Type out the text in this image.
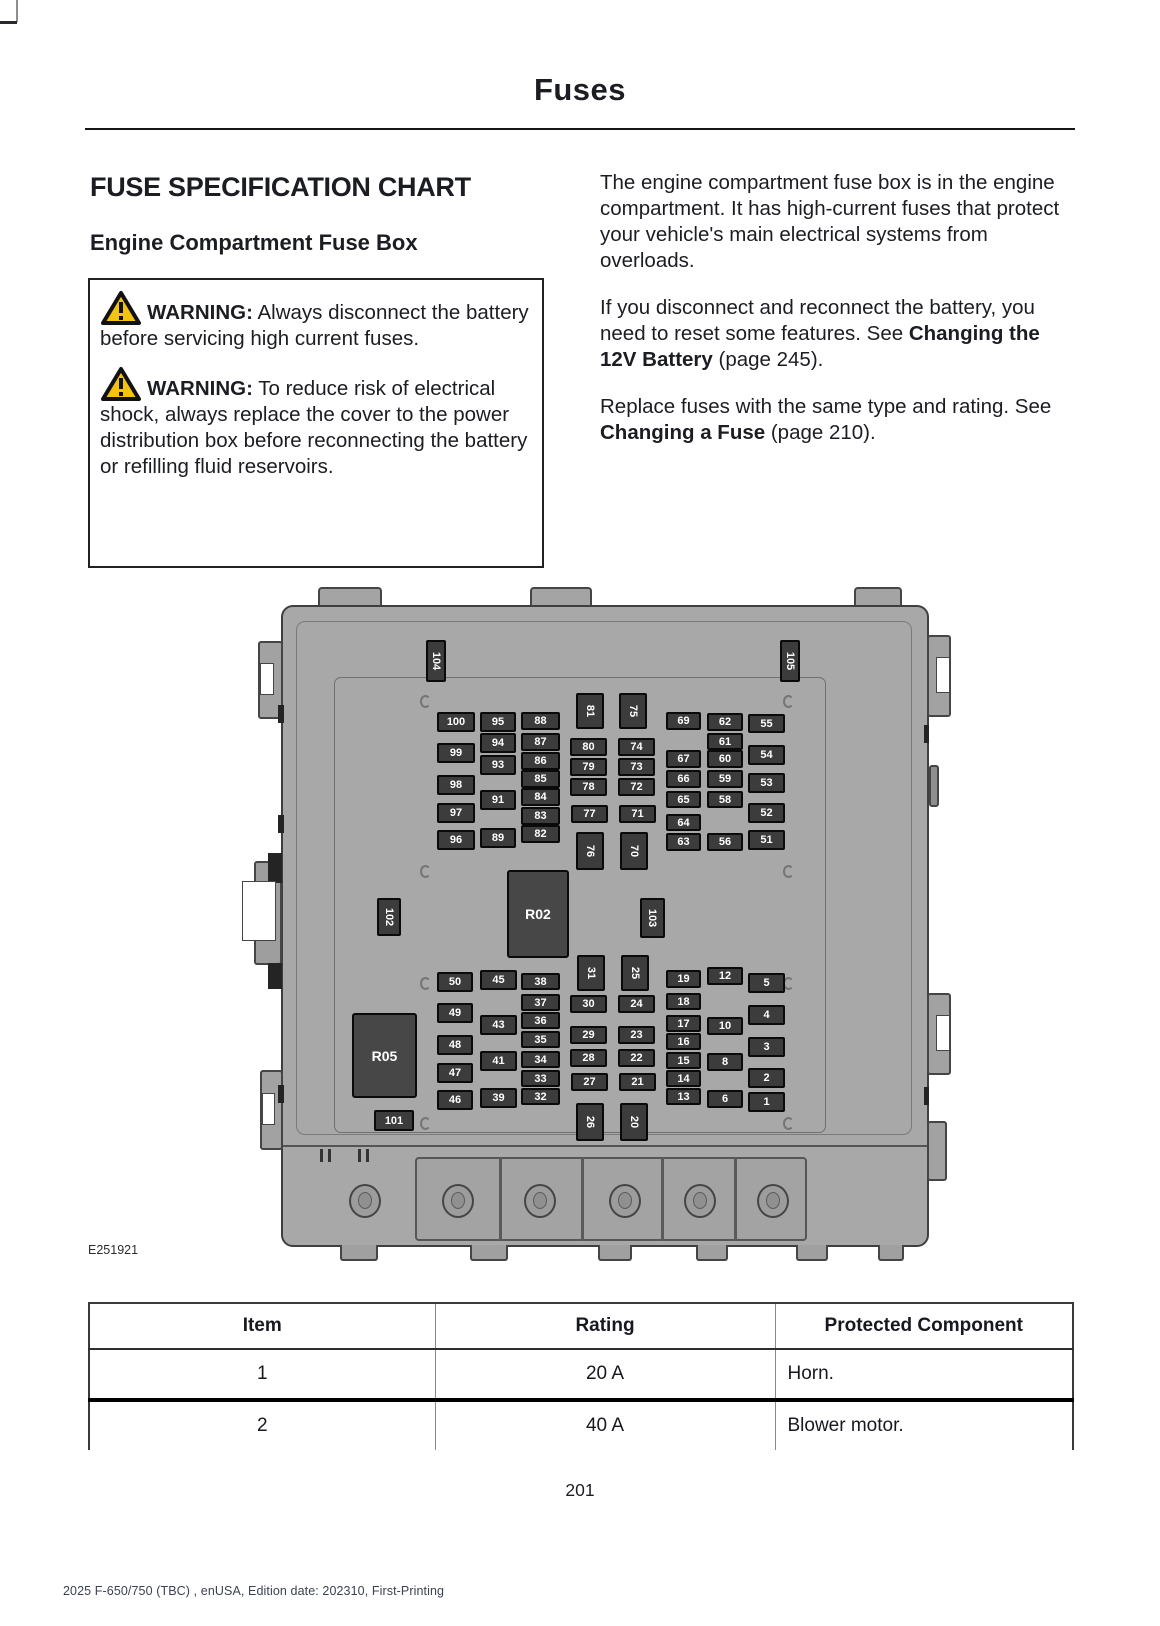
Fuses
FUSE SPECIFICATION CHART
Engine Compartment Fuse Box

WARNING: Always disconnect the battery before servicing high current fuses.

WARNING: To reduce risk of electrical shock, always replace the cover to the power distribution box before reconnecting the battery or refilling fluid reservoirs.

The engine compartment fuse box is in the engine compartment. It has high-current fuses that protect your vehicle's main electrical systems from overloads.

If you disconnect and reconnect the battery, you need to reset some features. See Changing the 12V Battery (page 245).

Replace fuses with the same type and rating. See Changing a Fuse (page 210).

104	105
100
99
98
97
96
95
94
93
91
89
88
87
86
85
84
83
82
81	75
80	74
79	73
78	72
77	71
76	70
69	62	55
61
67	60	54
66	59	53
65	58
52
64
63	56	51
102	R02	103
R05
101
50
49
48
47
46
45
43
41
39
38
37
36
35
34
33
32
31	25
30	24
29	23
28	22
27	21
26	20
19	12
5
18
17	10
4
16
15	8
3
14	2
13	6	1
E251921
Item	Rating	Protected Component
1	20 A	Horn.
2	40 A	Blower motor.
201
2025 F-650/750 (TBC) , enUSA, Edition date: 202310, First-Printing
